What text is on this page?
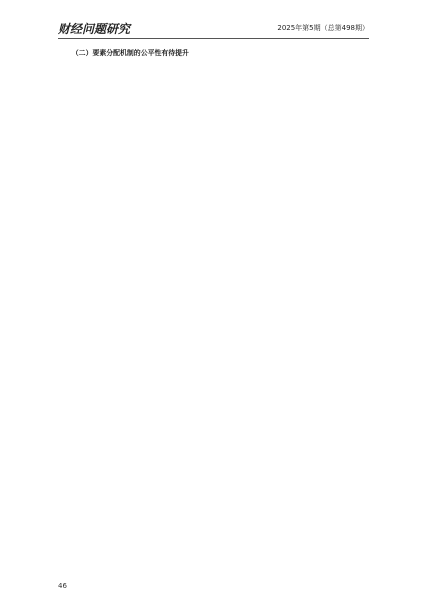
财经问题研究	2025年第5期（总第498期）

（二）要素分配机制的公平性有待提升

46
